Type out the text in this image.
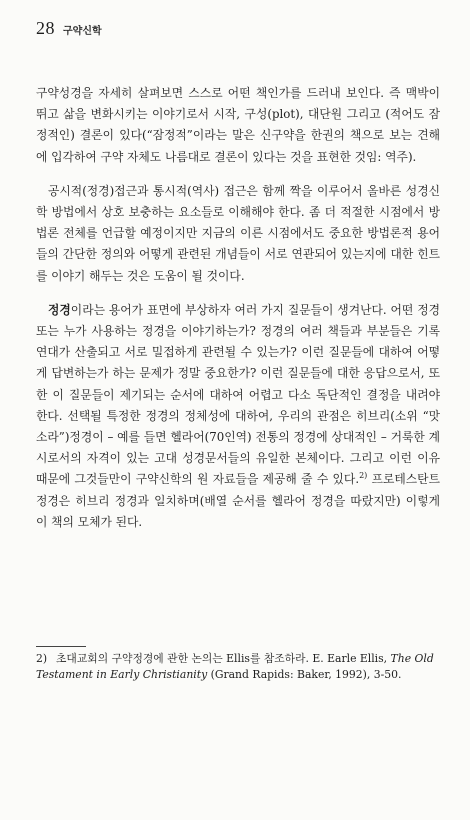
28 구약신학

구약성경을 자세히 살펴보면 스스로 어떤 책인가를 드러내 보인다. 즉 맥박이 뛰고 삶을 변화시키는 이야기로서 시작, 구성(plot), 대단원 그리고 (적어도 잠정적인) 결론이 있다(“잠정적”이라는 말은 신구약을 한권의 책으로 보는 견해에 입각하여 구약 자체도 나름대로 결론이 있다는 것을 표현한 것임: 역주).

공시적(정경)접근과 통시적(역사) 접근은 함께 짝을 이루어서 올바른 성경신학 방법에서 상호 보충하는 요소들로 이해해야 한다. 좀 더 적절한 시점에서 방법론 전체를 언급할 예정이지만 지금의 이른 시점에서도 중요한 방법론적 용어들의 간단한 정의와 어떻게 관련된 개념들이 서로 연관되어 있는지에 대한 힌트를 이야기 해두는 것은 도움이 될 것이다.

정경이라는 용어가 표면에 부상하자 여러 가지 질문들이 생겨난다. 어떤 정경 또는 누가 사용하는 정경을 이야기하는가? 정경의 여러 책들과 부분들은 기록연대가 산출되고 서로 밀접하게 관련될 수 있는가? 이런 질문들에 대하여 어떻게 답변하는가 하는 문제가 정말 중요한가? 이런 질문들에 대한 응답으로서, 또한 이 질문들이 제기되는 순서에 대하여 어렵고 다소 독단적인 결정을 내려야 한다. 선택될 특정한 정경의 정체성에 대하여, 우리의 관점은 히브리(소위 “맛소라”)정경이 – 예를 들면 헬라어(70인역) 전통의 정경에 상대적인 – 거룩한 계시로서의 자격이 있는 고대 성경문서들의 유일한 본체이다. 그리고 이런 이유 때문에 그것들만이 구약신학의 원 자료들을 제공해 줄 수 있다.$^{2)}$ 프로테스탄트 정경은 히브리 정경과 일치하며(배열 순서를 헬라어 정경을 따랐지만) 이렇게 이 책의 모체가 된다.

2) 초대교회의 구약정경에 관한 논의는 Ellis를 참조하라. E. Earle Ellis, The Old Testament in Early Christianity (Grand Rapids: Baker, 1992), 3-50.
